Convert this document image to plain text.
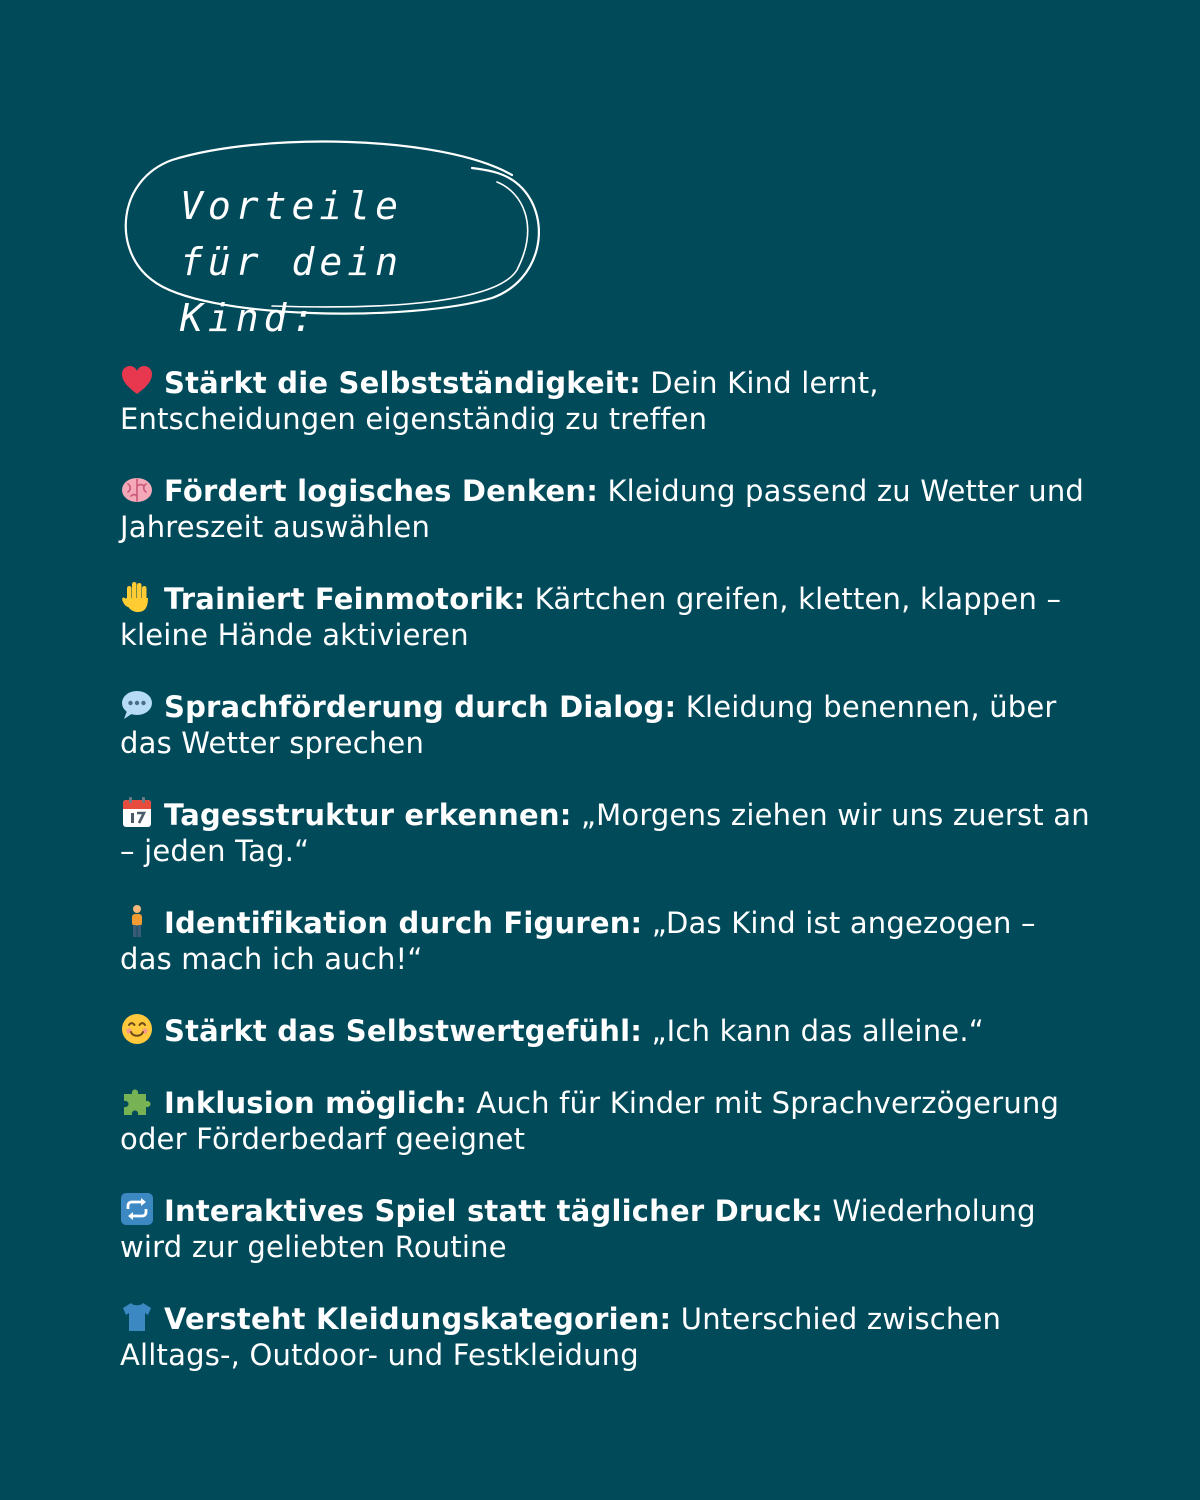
Vorteile
für dein Kind:
Stärkt die Selbstständigkeit: Dein Kind lernt, Entscheidungen eigenständig zu treffen
Fördert logisches Denken: Kleidung passend zu Wetter und Jahreszeit auswählen
Trainiert Feinmotorik: Kärtchen greifen, kletten, klappen – kleine Hände aktivieren
Sprachförderung durch Dialog: Kleidung benennen, über das Wetter sprechen
Tagesstruktur erkennen: „Morgens ziehen wir uns zuerst an – jeden Tag.“
Identifikation durch Figuren: „Das Kind ist angezogen – das mach ich auch!“
Stärkt das Selbstwertgefühl: „Ich kann das alleine.“
Inklusion möglich: Auch für Kinder mit Sprachverzögerung oder Förderbedarf geeignet
Interaktives Spiel statt täglicher Druck: Wiederholung wird zur geliebten Routine
Versteht Kleidungskategorien: Unterschied zwischen Alltags-, Outdoor- und Festkleidung
